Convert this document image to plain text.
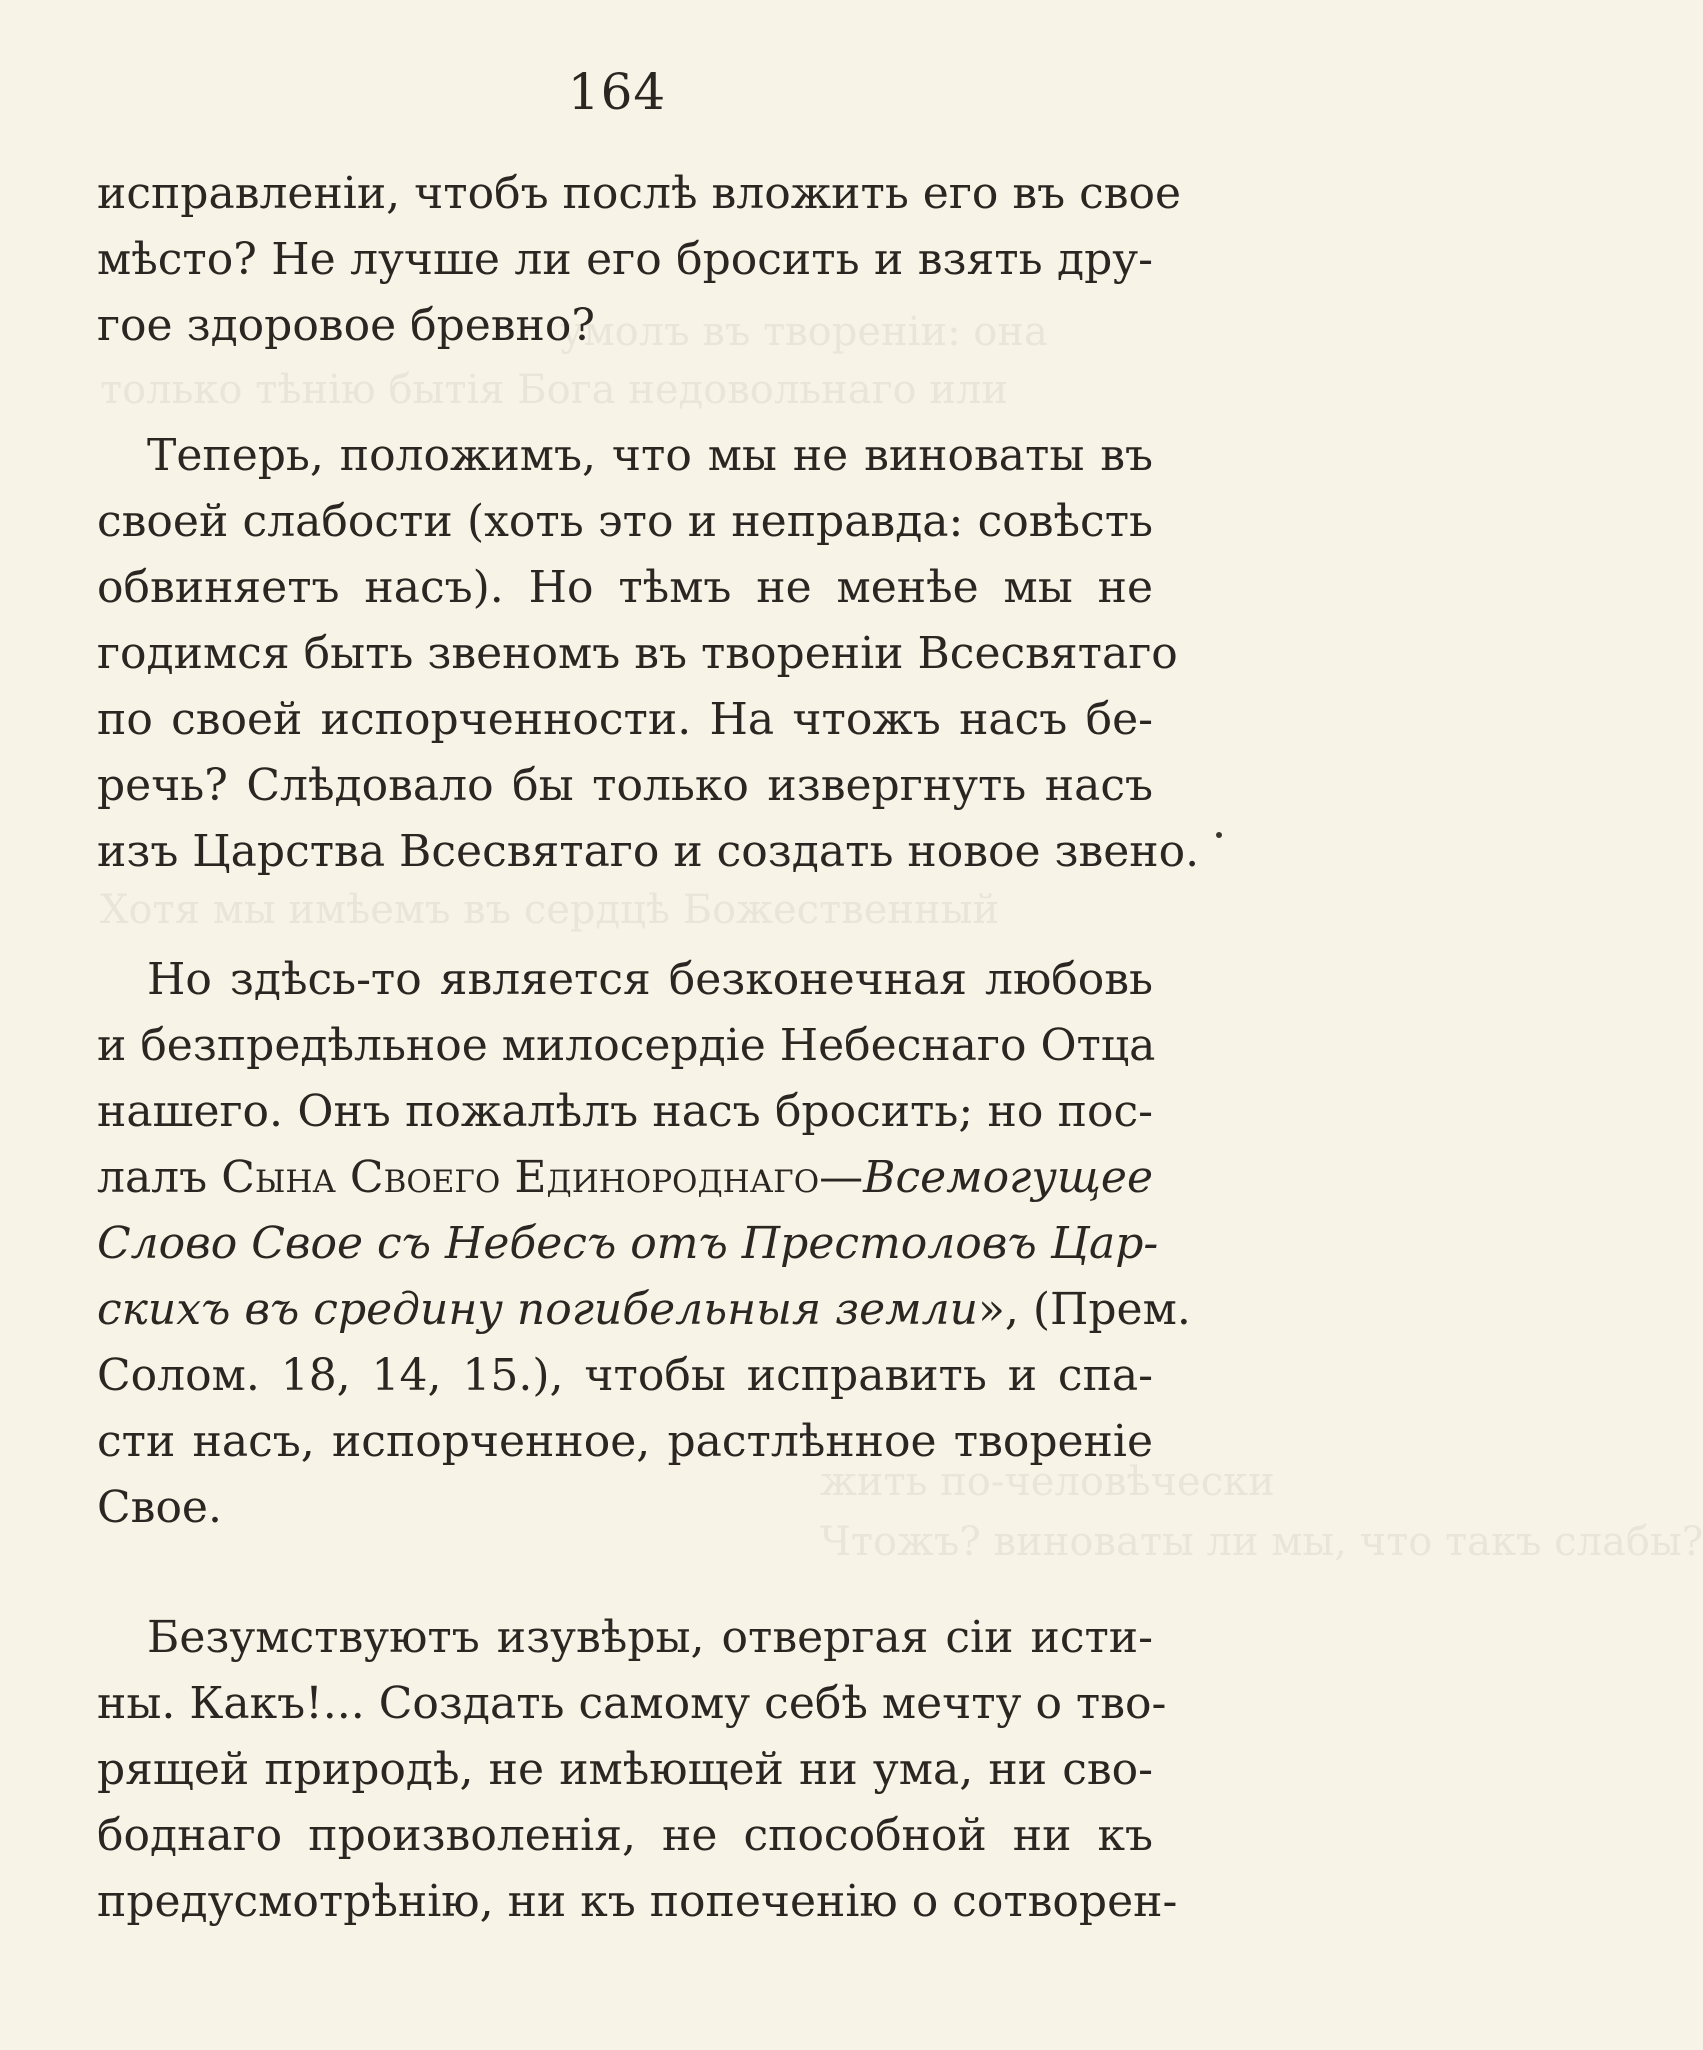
умолъ въ твореніи: она
только тѣнію бытія Бога недовольнаго или
Хотя мы имѣемъ въ сердцѣ Божественный
жить по-человѣчески
Чтожъ? виноваты ли мы, что такъ слабы?
164
исправленіи, чтобъ послѣ вложить его въ свое
мѣсто? Не лучше ли его бросить и взять дру-
гое здоровое бревно?
Теперь, положимъ, что мы не виноваты въ
своей слабости (хоть это и неправда: совѣсть
обвиняетъ насъ). Но тѣмъ не менѣе мы не
годимся быть звеномъ въ твореніи Всесвятаго
по своей испорченности. На чтожъ насъ бе-
речь? Слѣдовало бы только извергнуть насъ
изъ Царства Всесвятаго и создать новое звено.
Но здѣсь-то является безконечная любовь
и безпредѣльное милосердіе Небеснаго Отца
нашего. Онъ пожалѣлъ насъ бросить; но пос-
лалъ Сына Своего Единороднаго—Всемогущее
Слово Свое съ Небесъ отъ Престоловъ Цар-
скихъ въ средину погибельныя земли», (Прем.
Солом. 18, 14, 15.), чтобы исправить и спа-
сти насъ, испорченное, растлѣнное твореніе
Свое.
Безумствуютъ изувѣры, отвергая сіи исти-
ны. Какъ!... Создать самому себѣ мечту о тво-
рящей природѣ, не имѣющей ни ума, ни сво-
боднаго произволенія, не способной ни къ
предусмотрѣнію, ни къ попеченію о сотворен-
